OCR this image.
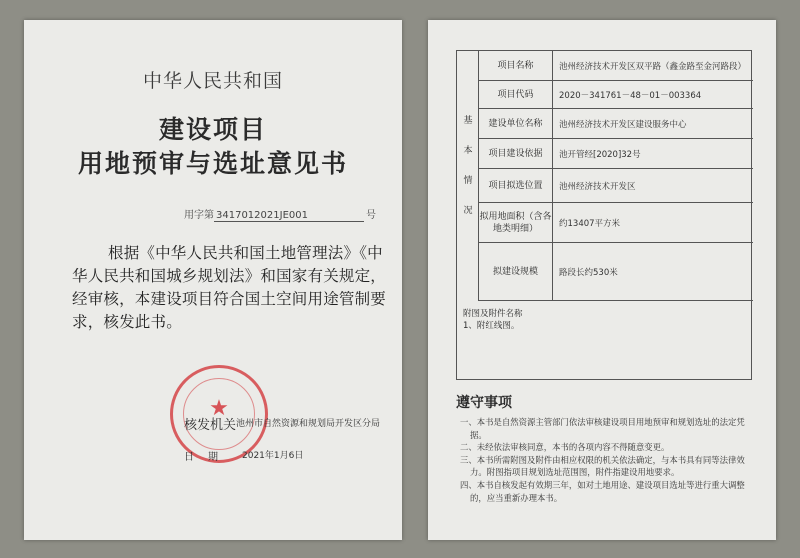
中华人民共和国
建设项目
用地预审与选址意见书
用字第 3417012021JE001	号
根据《中华人民共和国土地管理法》《中华人民共和国城乡规划法》和国家有关规定，经审核，本建设项目符合国土空间用途管制要求，核发此书。
★
核发机关 池州市自然资源和规划局开发区分局
日期 2021年1月6日
基
本
情
况
项目名称	池州经济技术开发区双平路（鑫金路至金河路段）
项目代码	2020－341761－48－01－003364
建设单位名称	池州经济技术开发区建设服务中心
项目建设依据	池开管经[2020]32号
项目拟选位置	池州经济技术开发区
拟用地面积（含各地类明细）	约13407平方米
拟建设规模	路段长约530米
附图及附件名称
1、附红线图。
遵守事项
一、本书是自然资源主管部门依法审核建设项目用地预审和规划选址的法定凭据。
二、未经依法审核同意，本书的各项内容不得随意变更。
三、本书所需附图及附件由相应权限的机关依法确定，与本书具有同等法律效力。附图指项目规划选址范围图，附件指建设用地要求。
四、本书自核发起有效期三年，如对土地用途、建设项目选址等进行重大调整的，应当重新办理本书。
